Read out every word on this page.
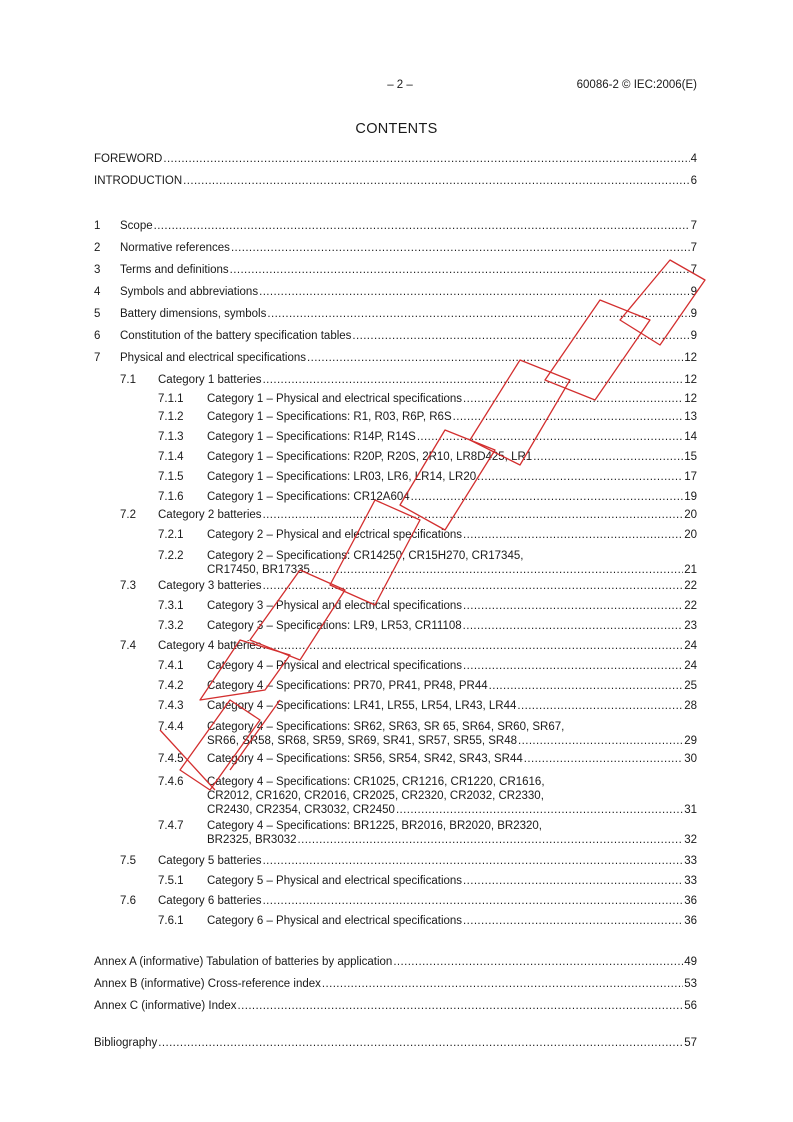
– 2 –	60086-2 © IEC:2006(E)
CONTENTS
FOREWORD .....	4
INTRODUCTION .....	6
1 Scope .....	7
2 Normative references .....	7
3 Terms and definitions .....	7
4 Symbols and abbreviations .....	9
5 Battery dimensions, symbols .....	9
6 Constitution of the battery specification tables .....	9
7 Physical and electrical specifications .....	12
7.1 Category 1 batteries .....	12
7.1.1 Category 1 – Physical and electrical specifications .....	12
7.1.2 Category 1 – Specifications: R1, R03, R6P, R6S .....	13
7.1.3 Category 1 – Specifications: R14P, R14S .....	14
7.1.4 Category 1 – Specifications: R20P, R20S, 2R10, LR8D425, LR1 .....	15
7.1.5 Category 1 – Specifications: LR03, LR6, LR14, LR20 .....	17
7.1.6 Category 1 – Specifications: CR12A604 .....	19
7.2 Category 2 batteries .....	20
7.2.1 Category 2 – Physical and electrical specifications .....	20
7.2.2 Category 2 – Specifications: CR14250, CR15H270, CR17345,
CR17450, BR17335 .....	21
7.3 Category 3 batteries .....	22
7.3.1 Category 3 – Physical and electrical specifications .....	22
7.3.2 Category 3 – Specifications: LR9, LR53, CR11108 .....	23
7.4 Category 4 batteries .....	24
7.4.1 Category 4 – Physical and electrical specifications .....	24
7.4.2 Category 4 – Specifications: PR70, PR41, PR48, PR44 .....	25
7.4.3 Category 4 – Specifications: LR41, LR55, LR54, LR43, LR44 .....	28
7.4.4 Category 4 – Specifications: SR62, SR63, SR 65, SR64, SR60, SR67,
SR66, SR58, SR68, SR59, SR69, SR41, SR57, SR55, SR48 .....	29
7.4.5 Category 4 – Specifications: SR56, SR54, SR42, SR43, SR44 .....	30
7.4.6 Category 4 – Specifications: CR1025, CR1216, CR1220, CR1616,
CR2012, CR1620, CR2016, CR2025, CR2320, CR2032, CR2330,
CR2430, CR2354, CR3032, CR2450 .....	31
7.4.7 Category 4 – Specifications: BR1225, BR2016, BR2020, BR2320,
BR2325, BR3032 .....	32
7.5 Category 5 batteries .....	33
7.5.1 Category 5 – Physical and electrical specifications .....	33
7.6 Category 6 batteries .....	36
7.6.1 Category 6 – Physical and electrical specifications .....	36
Annex A (informative) Tabulation of batteries by application .....	49
Annex B (informative) Cross-reference index .....	53
Annex C (informative) Index .....	56
Bibliography .....	57
